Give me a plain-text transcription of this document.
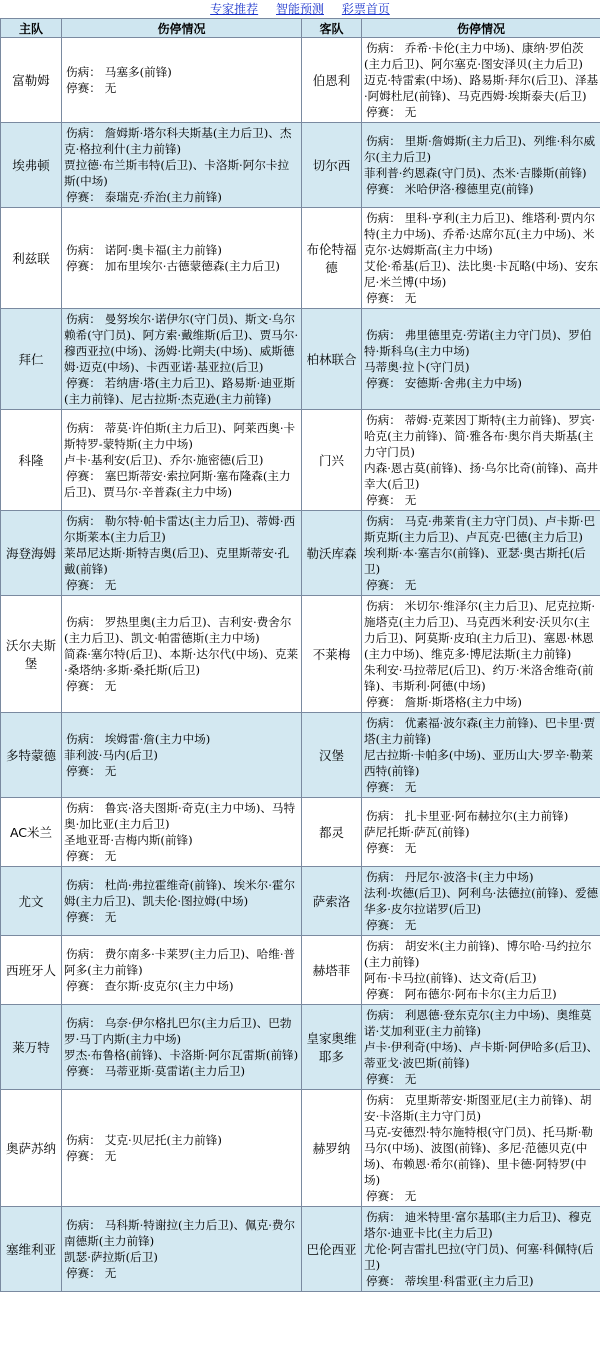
专家推荐 智能预测 彩票首页
主队	伤停情况	客队	伤停情况
富勒姆	伤病： 马塞多(前锋)
停赛： 无	伯恩利	伤病： 乔希·卡伦(主力中场)、康纳·罗伯茨(主力后卫)、阿尔塞克·图安泽贝(主力后卫)
迈克·特雷索(中场)、路易斯·拜尔(后卫)、泽基·阿姆杜尼(前锋)、马克西姆·埃斯泰夫(后卫)
停赛： 无

埃弗顿	伤病： 詹姆斯·塔尔科夫斯基(主力后卫)、杰克·格拉利什(主力前锋)
贾拉德·布兰斯韦特(后卫)、卡洛斯·阿尔卡拉斯(中场)
停赛： 泰瑞克·乔治(主力前锋)	切尔西	伤病： 里斯·詹姆斯(主力后卫)、列维·科尔威尔(主力后卫)
菲利普·约恩森(守门员)、杰米·吉滕斯(前锋)
停赛： 米哈伊洛·穆德里克(前锋)

利兹联	伤病： 诺阿·奥卡福(主力前锋)
停赛： 加布里埃尔·古德蒙德森(主力后卫)	布伦特福德	伤病： 里科·亨利(主力后卫)、维塔利·贾内尔特(主力中场)、乔希·达席尔瓦(主力中场)、米克尔·达姆斯高(主力中场)
艾伦·希基(后卫)、法比奥·卡瓦略(中场)、安东尼·米兰博(中场)
停赛： 无

拜仁	伤病： 曼努埃尔·诺伊尔(守门员)、斯文·乌尔赖希(守门员)、阿方索·戴维斯(后卫)、贾马尔·穆西亚拉(中场)、汤姆·比朔夫(中场)、威斯德姆·迈克(中场)、卡西亚诺·基亚拉(后卫)
停赛： 若纳唐·塔(主力后卫)、路易斯·迪亚斯(主力前锋)、尼古拉斯·杰克逊(主力前锋)	柏林联合	伤病： 弗里德里克·劳诺(主力守门员)、罗伯特·斯科乌(主力中场)
马蒂奥·拉卜(守门员)
停赛： 安德斯·舍弗(主力中场)

科隆	伤病： 蒂莫·许伯斯(主力后卫)、阿莱西奥·卡斯特罗-蒙特斯(主力中场)
卢卡·基利安(后卫)、乔尔·施密德(后卫)
停赛： 塞巴斯蒂安·索拉阿斯·塞布隆森(主力后卫)、贾马尔·辛普森(主力中场)	门兴	伤病： 蒂姆·克莱因丁斯特(主力前锋)、罗宾·哈克(主力前锋)、简·雅各布·奥尔肖夫斯基(主力守门员)
内森·恩古莫(前锋)、扬·乌尔比奇(前锋)、高井幸大(后卫)
停赛： 无

海登海姆	伤病： 勒尔特·帕卡雷达(主力后卫)、蒂姆·西尔斯莱本(主力后卫)
莱昂尼达斯·斯特吉奥(后卫)、克里斯蒂安·孔戴(前锋)
停赛： 无	勒沃库森	伤病： 马克·弗莱肯(主力守门员)、卢卡斯·巴斯克斯(主力后卫)、卢瓦克·巴德(主力后卫)
埃利斯·本·塞吉尔(前锋)、亚瑟·奥古斯托(后卫)
停赛： 无

沃尔夫斯堡	伤病： 罗热里奥(主力后卫)、吉利安·费舍尔(主力后卫)、凯文·帕雷德斯(主力中场)
简森·塞尔特(后卫)、本斯·达尔代(中场)、克莱·桑塔纳·多斯·桑托斯(后卫)
停赛： 无	不莱梅	伤病： 米切尔·维泽尔(主力后卫)、尼克拉斯·施塔克(主力后卫)、马克西米利安·沃贝尔(主力后卫)、阿莫斯·皮珀(主力后卫)、塞恩·林恩(主力中场)、维克多·博尼法斯(主力前锋)
朱利安·马拉蒂尼(后卫)、约万·米洛舍维奇(前锋)、韦斯利·阿德(中场)
停赛： 詹斯·斯塔格(主力中场)

多特蒙德	伤病： 埃姆雷·詹(主力中场)
菲利波·马内(后卫)
停赛： 无	汉堡	伤病： 优素福·波尔森(主力前锋)、巴卡里·贾塔(主力前锋)
尼古拉斯·卡帕多(中场)、亚历山大·罗辛·勒莱西特(前锋)
停赛： 无

AC米兰	伤病： 鲁宾·洛夫图斯·奇克(主力中场)、马特奥·加比亚(主力后卫)
圣地亚哥·吉梅内斯(前锋)
停赛： 无	都灵	伤病： 扎卡里亚·阿布赫拉尔(主力前锋)
萨尼托斯·萨瓦(前锋)
停赛： 无

尤文	伤病： 杜尚·弗拉霍维奇(前锋)、埃米尔·霍尔姆(主力后卫)、凯夫伦·图拉姆(中场)
停赛： 无	萨索洛	伤病： 丹尼尔·波洛卡(主力中场)
法利·坎德(后卫)、阿利乌·法德拉(前锋)、爱德华多·皮尔拉诺罗(后卫)
停赛： 无

西班牙人	伤病： 费尔南多·卡莱罗(主力后卫)、哈维·普阿多(主力前锋)
停赛： 查尔斯·皮克尔(主力中场)	赫塔菲	伤病： 胡安米(主力前锋)、博尔哈·马约拉尔(主力前锋)
阿布·卡马拉(前锋)、达文奇(后卫)
停赛： 阿布德尔·阿布卡尔(主力后卫)

莱万特	伤病： 乌奈·伊尔格扎巴尔(主力后卫)、巴勃罗·马丁内斯(主力中场)
罗杰·布鲁格(前锋)、卡洛斯·阿尔瓦雷斯(前锋)
停赛： 马蒂亚斯·莫雷诺(主力后卫)	皇家奥维耶多	伤病： 利恩德·登东克尔(主力中场)、奥维莫诺·艾加利亚(主力前锋)
卢卡·伊利奇(中场)、卢卡斯·阿伊哈多(后卫)、蒂亚戈·波巴斯(前锋)
停赛： 无

奥萨苏纳	伤病： 艾克·贝尼托(主力前锋)
停赛： 无	赫罗纳	伤病： 克里斯蒂安·斯图亚尼(主力前锋)、胡安·卡洛斯(主力守门员)
马克-安德烈·特尔施特根(守门员)、托马斯·勒马尔(中场)、波图(前锋)、多尼·范德贝克(中场)、布赖恩·希尔(前锋)、里卡德·阿特罗(中场)
停赛： 无

塞维利亚	伤病： 马科斯·特谢拉(主力后卫)、佩克·费尔南德斯(主力前锋)
凯瑟·萨拉斯(后卫)
停赛： 无	巴伦西亚	伤病： 迪米特里·富尔基耶(主力后卫)、穆克塔尔·迪亚卡比(主力后卫)
尤伦·阿吉雷扎巴拉(守门员)、何塞·科佩特(后卫)
停赛： 蒂埃里·科雷亚(主力后卫)
